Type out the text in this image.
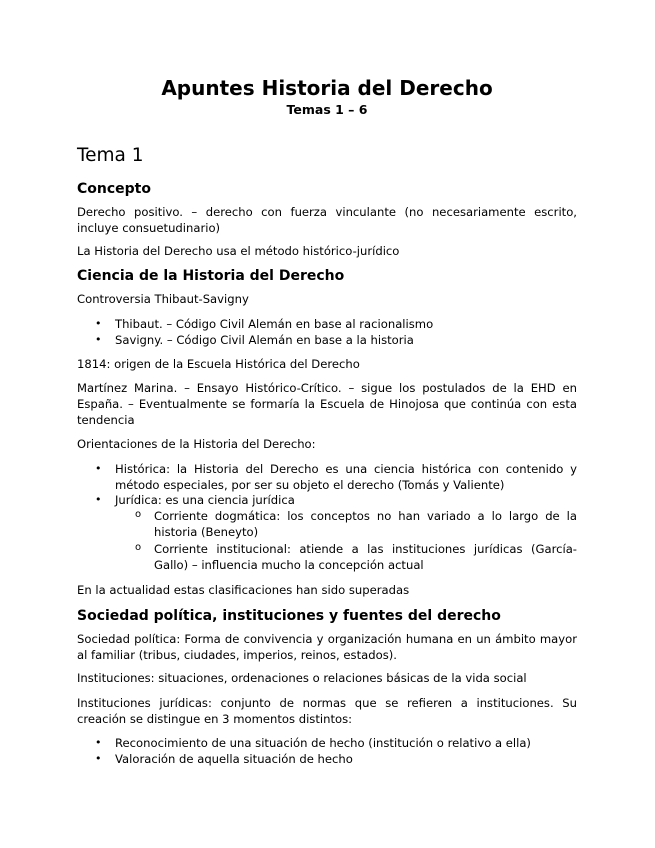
Apuntes Historia del Derecho
Temas 1 – 6
Tema 1
Concepto

Derecho positivo. – derecho con fuerza vinculante (no necesariamente escrito, incluye consuetudinario)

La Historia del Derecho usa el método histórico-jurídico

Ciencia de la Historia del Derecho

Controversia Thibaut-Savigny

• Thibaut. – Código Civil Alemán en base al racionalismo
• Savigny. – Código Civil Alemán en base a la historia

1814: origen de la Escuela Histórica del Derecho

Martínez Marina. – Ensayo Histórico-Crítico. – sigue los postulados de la EHD en España. – Eventualmente se formaría la Escuela de Hinojosa que continúa con esta tendencia

Orientaciones de la Historia del Derecho:

• Histórica: la Historia del Derecho es una ciencia histórica con contenido y método especiales, por ser su objeto el derecho (Tomás y Valiente)
• Jurídica: es una ciencia jurídica
o Corriente dogmática: los conceptos no han variado a lo largo de la historia (Beneyto)
o Corriente institucional: atiende a las instituciones jurídicas (García-Gallo) – influencia mucho la concepción actual

En la actualidad estas clasificaciones han sido superadas

Sociedad política, instituciones y fuentes del derecho

Sociedad política: Forma de convivencia y organización humana en un ámbito mayor al familiar (tribus, ciudades, imperios, reinos, estados).

Instituciones: situaciones, ordenaciones o relaciones básicas de la vida social

Instituciones jurídicas: conjunto de normas que se refieren a instituciones. Su creación se distingue en 3 momentos distintos:

• Reconocimiento de una situación de hecho (institución o relativo a ella)
• Valoración de aquella situación de hecho
